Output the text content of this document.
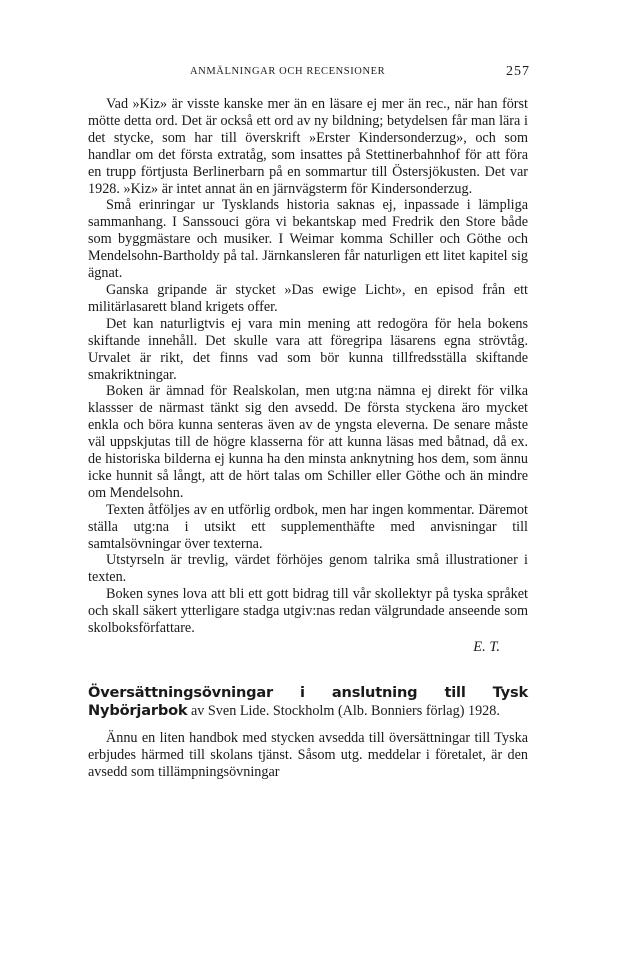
ANMÄLNINGAR OCH RECENSIONER	257

Vad »Kiz» är visste kanske mer än en läsare ej mer än rec., när han först mötte detta ord. Det är också ett ord av ny bildning; betydelsen får man lära i det stycke, som har till överskrift »Erster Kindersonderzug», och som handlar om det första extratåg, som insattes på Stettinerbahnhof för att föra en trupp förtjusta Berlinerbarn på en sommartur till Östersjökusten. Det var 1928. »Kiz» är intet annat än en järnvägsterm för Kindersonderzug.

Små erinringar ur Tysklands historia saknas ej, inpassade i lämpliga sammanhang. I Sanssouci göra vi bekantskap med Fredrik den Store både som byggmästare och musiker. I Weimar komma Schiller och Göthe och Mendelsohn-Bartholdy på tal. Järnkansleren får naturligen ett litet kapitel sig ägnat.

Ganska gripande är stycket »Das ewige Licht», en episod från ett militärlasarett bland krigets offer.

Det kan naturligtvis ej vara min mening att redogöra för hela bokens skiftande innehåll. Det skulle vara att föregripa läsarens egna strövtåg. Urvalet är rikt, det finns vad som bör kunna tillfredsställa skiftande smakriktningar.

Boken är ämnad för Realskolan, men utg:na nämna ej direkt för vilka klassser de närmast tänkt sig den avsedd. De första styckena äro mycket enkla och böra kunna senteras även av de yngsta eleverna. De senare måste väl uppskjutas till de högre klasserna för att kunna läsas med båtnad, då ex. de historiska bilderna ej kunna ha den minsta anknytning hos dem, som ännu icke hunnit så långt, att de hört talas om Schiller eller Göthe och än mindre om Mendelsohn.

Texten åtföljes av en utförlig ordbok, men har ingen kommentar. Däremot ställa utg:na i utsikt ett supplementhäfte med anvisningar till samtalsövningar över texterna.

Utstyrseln är trevlig, värdet förhöjes genom talrika små illustrationer i texten.

Boken synes lova att bli ett gott bidrag till vår skollektyr på tyska språket och skall säkert ytterligare stadga utgiv:nas redan välgrundade anseende som skolboksförfattare.

E. T.
Översättningsövningar i anslutning till Tysk Nybörjarbok av Sven Lide. Stockholm (Alb. Bonniers förlag) 1928.

Ännu en liten handbok med stycken avsedda till översättningar till Tyska erbjudes härmed till skolans tjänst. Såsom utg. meddelar i företalet, är den avsedd som tillämpningsövningar
